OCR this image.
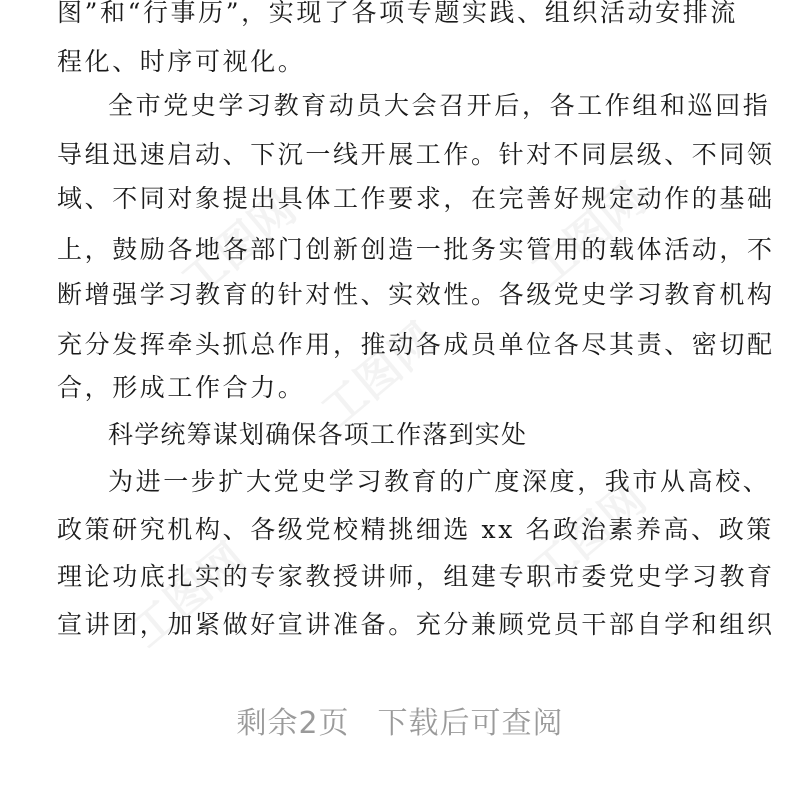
工图网
工图网
工图网
工图网	工图网
图”和“行事历”，实现了各项专题实践、组织活动安排流
程化、时序可视化。
全市党史学习教育动员大会召开后，各工作组和巡回指
导组迅速启动、下沉一线开展工作。针对不同层级、不同领
域、不同对象提出具体工作要求，在完善好规定动作的基础
上，鼓励各地各部门创新创造一批务实管用的载体活动，不
断增强学习教育的针对性、实效性。各级党史学习教育机构
充分发挥牵头抓总作用，推动各成员单位各尽其责、密切配
合，形成工作合力。
科学统筹谋划确保各项工作落到实处
为进一步扩大党史学习教育的广度深度，我市从高校、
政策研究机构、各级党校精挑细选 xx 名政治素养高、政策
理论功底扎实的专家教授讲师，组建专职市委党史学习教育
宣讲团，加紧做好宣讲准备。充分兼顾党员干部自学和组织
剩余2页 下载后可查阅
